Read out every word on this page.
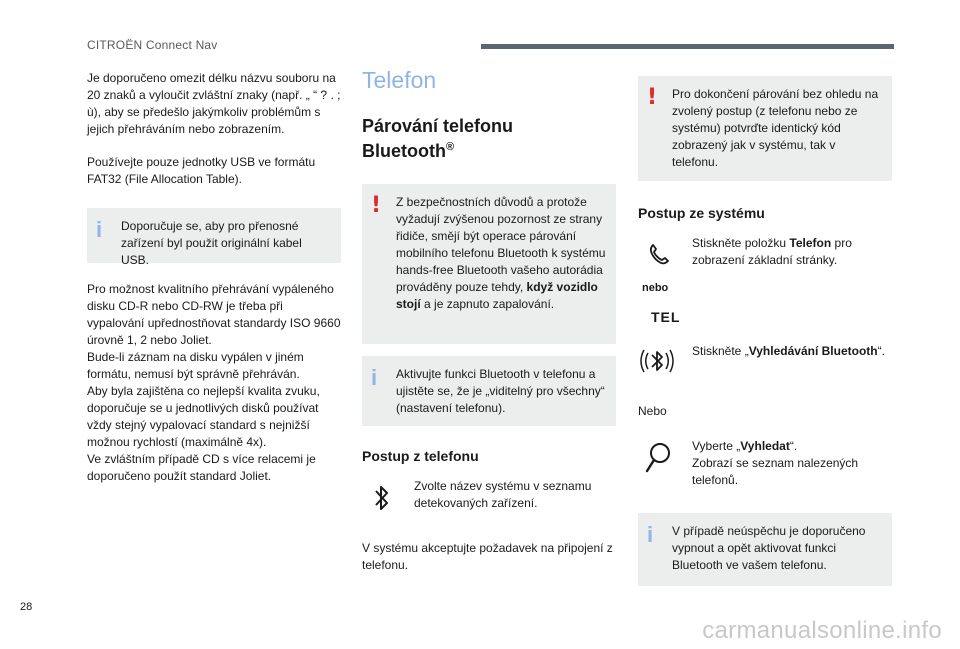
CITROËN Connect Nav

Je doporučeno omezit délku názvu souboru na 20 znaků a vyloučit zvláštní znaky (např. „ “ ? . ; ù), aby se předešlo jakýmkoliv problémům s jejich přehráváním nebo zobrazením.

Používejte pouze jednotky USB ve formátu FAT32 (File Allocation Table).

i Doporučuje se, aby pro přenosné zařízení byl použit originální kabel USB.

Pro možnost kvalitního přehrávání vypáleného disku CD-R nebo CD-RW je třeba při vypalování upřednostňovat standardy ISO 9660 úrovně 1, 2 nebo Joliet.

Bude-li záznam na disku vypálen v jiném formátu, nemusí být správně přehráván.

Aby byla zajištěna co nejlepší kvalita zvuku, doporučuje se u jednotlivých disků používat vždy stejný vypalovací standard s nejnižší možnou rychlostí (maximálně 4x).

Ve zvláštním případě CD s více relacemi je doporučeno použít standard Joliet.

Telefon
Párování telefonu
Bluetooth®
! Z bezpečnostních důvodů a protože vyžadují zvýšenou pozornost ze strany řidiče, smějí být operace párování mobilního telefonu Bluetooth k systému hands-free Bluetooth vašeho autorádia prováděny pouze tehdy, když vozidlo stojí a je zapnuto zapalování.

i Aktivujte funkci Bluetooth v telefonu a ujistěte se, že je „viditelný pro všechny“ (nastavení telefonu).

Postup z telefonu

Zvolte název systému v seznamu detekovaných zařízení.

V systému akceptujte požadavek na připojení z telefonu.

! Pro dokončení párování bez ohledu na zvolený postup (z telefonu nebo ze systému) potvrďte identický kód zobrazený jak v systému, tak v telefonu.

Postup ze systému

Stiskněte položku Telefon pro zobrazení základní stránky.

nebo
TEL

Stiskněte „Vyhledávání Bluetooth“.

Nebo

Vyberte „Vyhledat“.
Zobrazí se seznam nalezených telefonů.

i V případě neúspěchu je doporučeno vypnout a opět aktivovat funkci Bluetooth ve vašem telefonu.

28
carmanualsonline.info
